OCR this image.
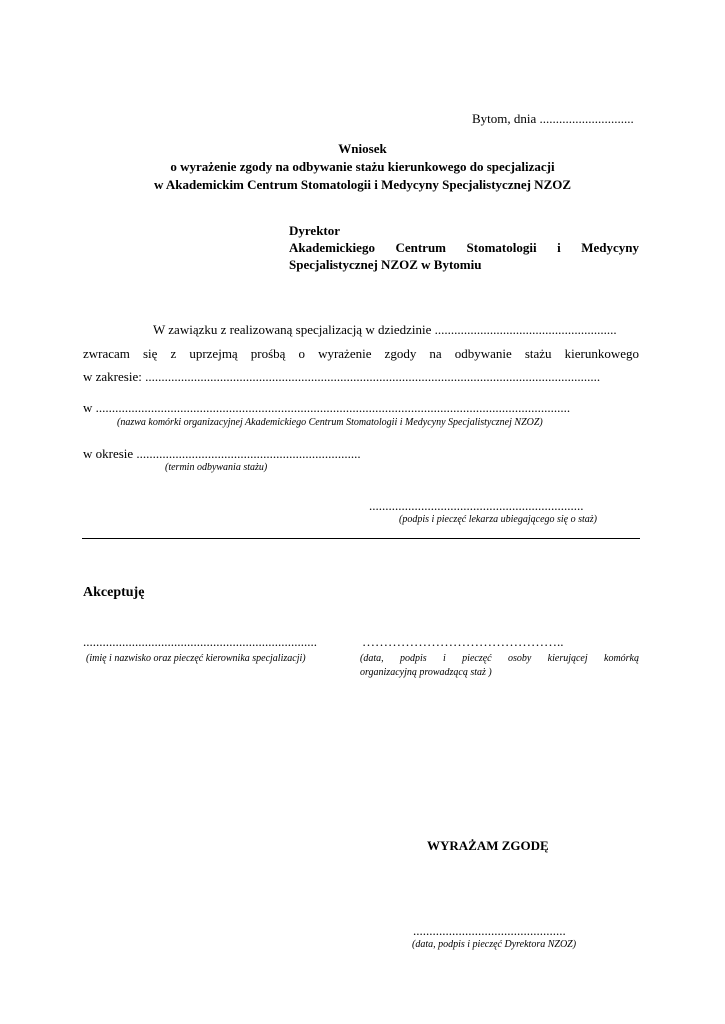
Bytom, dnia .............................
Wniosek
o wyrażenie zgody na odbywanie stażu kierunkowego do specjalizacji
w Akademickim Centrum Stomatologii i Medycyny Specjalistycznej NZOZ
Dyrektor
Akademickiego Centrum Stomatologii i Medycyny
Specjalistycznej NZOZ w Bytomiu
W zawiązku z realizowaną specjalizacją w dziedzinie ........................................................
zwracam się z uprzejmą prośbą o wyrażenie zgody na odbywanie stażu kierunkowego
w zakresie: ............................................................................................................................................
w ..................................................................................................................................................
(nazwa komórki organizacyjnej Akademickiego Centrum Stomatologii i Medycyny Specjalistycznej NZOZ)
w okresie .....................................................................
(termin odbywania stażu)
..................................................................
(podpis i pieczęć lekarza ubiegającego się o staż)
Akceptuję
........................................................................
(imię i nazwisko oraz pieczęć kierownika specjalizacji)
………………………………………..
(data, podpis i pieczęć osoby kierującej komórką
organizacyjną prowadzącą staż )
WYRAŻAM ZGODĘ
...............................................
(data, podpis i pieczęć Dyrektora NZOZ)
